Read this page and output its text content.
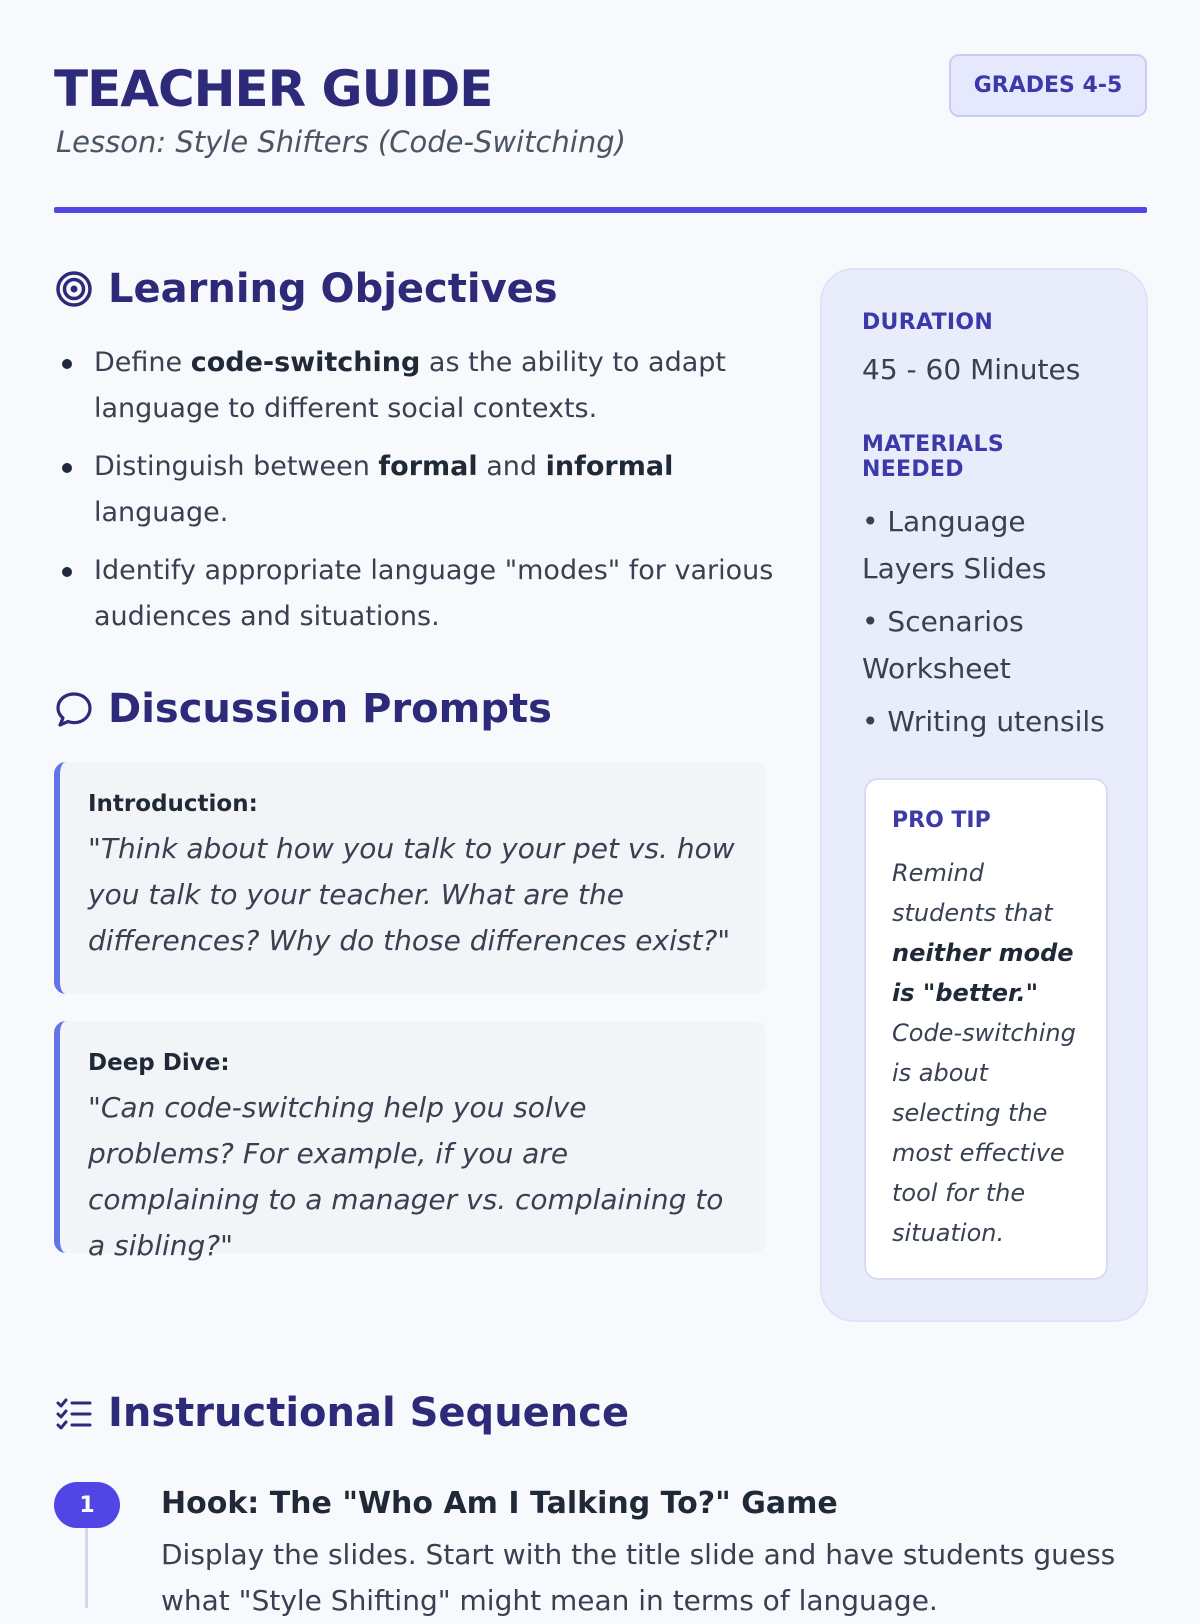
TEACHER GUIDE
Lesson: Style Shifters (Code-Switching)
GRADES 4-5
Learning Objectives
Define code-switching as the ability to adapt language to different social contexts.
Distinguish between formal and informal language.
Identify appropriate language "modes" for various audiences and situations.
Discussion Prompts
Introduction:
"Think about how you talk to your pet vs. how you talk to your teacher. What are the differences? Why do those differences exist?"
Deep Dive:
"Can code-switching help you solve problems? For example, if you are complaining to a manager vs. complaining to a sibling?"
DURATION
45 - 60 Minutes
MATERIALS NEEDED
• Language Layers Slides
• Scenarios Worksheet
• Writing utensils
PRO TIP
Remind students that neither mode is "better." Code-switching is about selecting the most effective tool for the situation.
Instructional Sequence
1	Hook: The "Who Am I Talking To?" Game
Display the slides. Start with the title slide and have students guess what "Style Shifting" might mean in terms of language.
